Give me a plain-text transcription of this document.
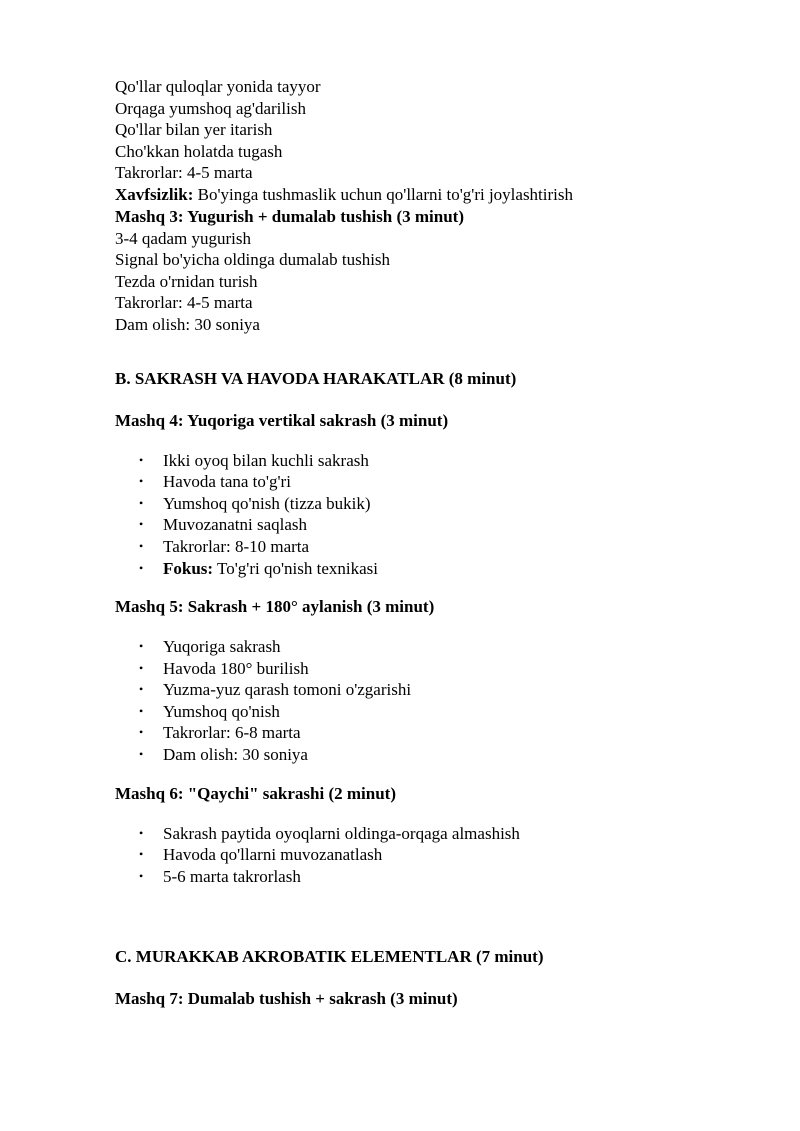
Qo'llar quloqlar yonida tayyor
Orqaga yumshoq ag'darilish
Qo'llar bilan yer itarish
Cho'kkan holatda tugash
Takrorlar: 4-5 marta
Xavfsizlik: Bo'yinga tushmaslik uchun qo'llarni to'g'ri joylashtirish
Mashq 3: Yugurish + dumalab tushish (3 minut)
3-4 qadam yugurish
Signal bo'yicha oldinga dumalab tushish
Tezda o'rnidan turish
Takrorlar: 4-5 marta
Dam olish: 30 soniya
B. SAKRASH VA HAVODA HARAKATLAR (8 minut)
Mashq 4: Yuqoriga vertikal sakrash (3 minut)
• Ikki oyoq bilan kuchli sakrash
• Havoda tana to'g'ri
• Yumshoq qo'nish (tizza bukik)
• Muvozanatni saqlash
• Takrorlar: 8-10 marta
• Fokus: To'g'ri qo'nish texnikasi
Mashq 5: Sakrash + 180° aylanish (3 minut)
• Yuqoriga sakrash
• Havoda 180° burilish
• Yuzma-yuz qarash tomoni o'zgarishi
• Yumshoq qo'nish
• Takrorlar: 6-8 marta
• Dam olish: 30 soniya
Mashq 6: "Qaychi" sakrashi (2 minut)
• Sakrash paytida oyoqlarni oldinga-orqaga almashish
• Havoda qo'llarni muvozanatlash
• 5-6 marta takrorlash
C. MURAKKAB AKROBATIK ELEMENTLAR (7 minut)
Mashq 7: Dumalab tushish + sakrash (3 minut)
